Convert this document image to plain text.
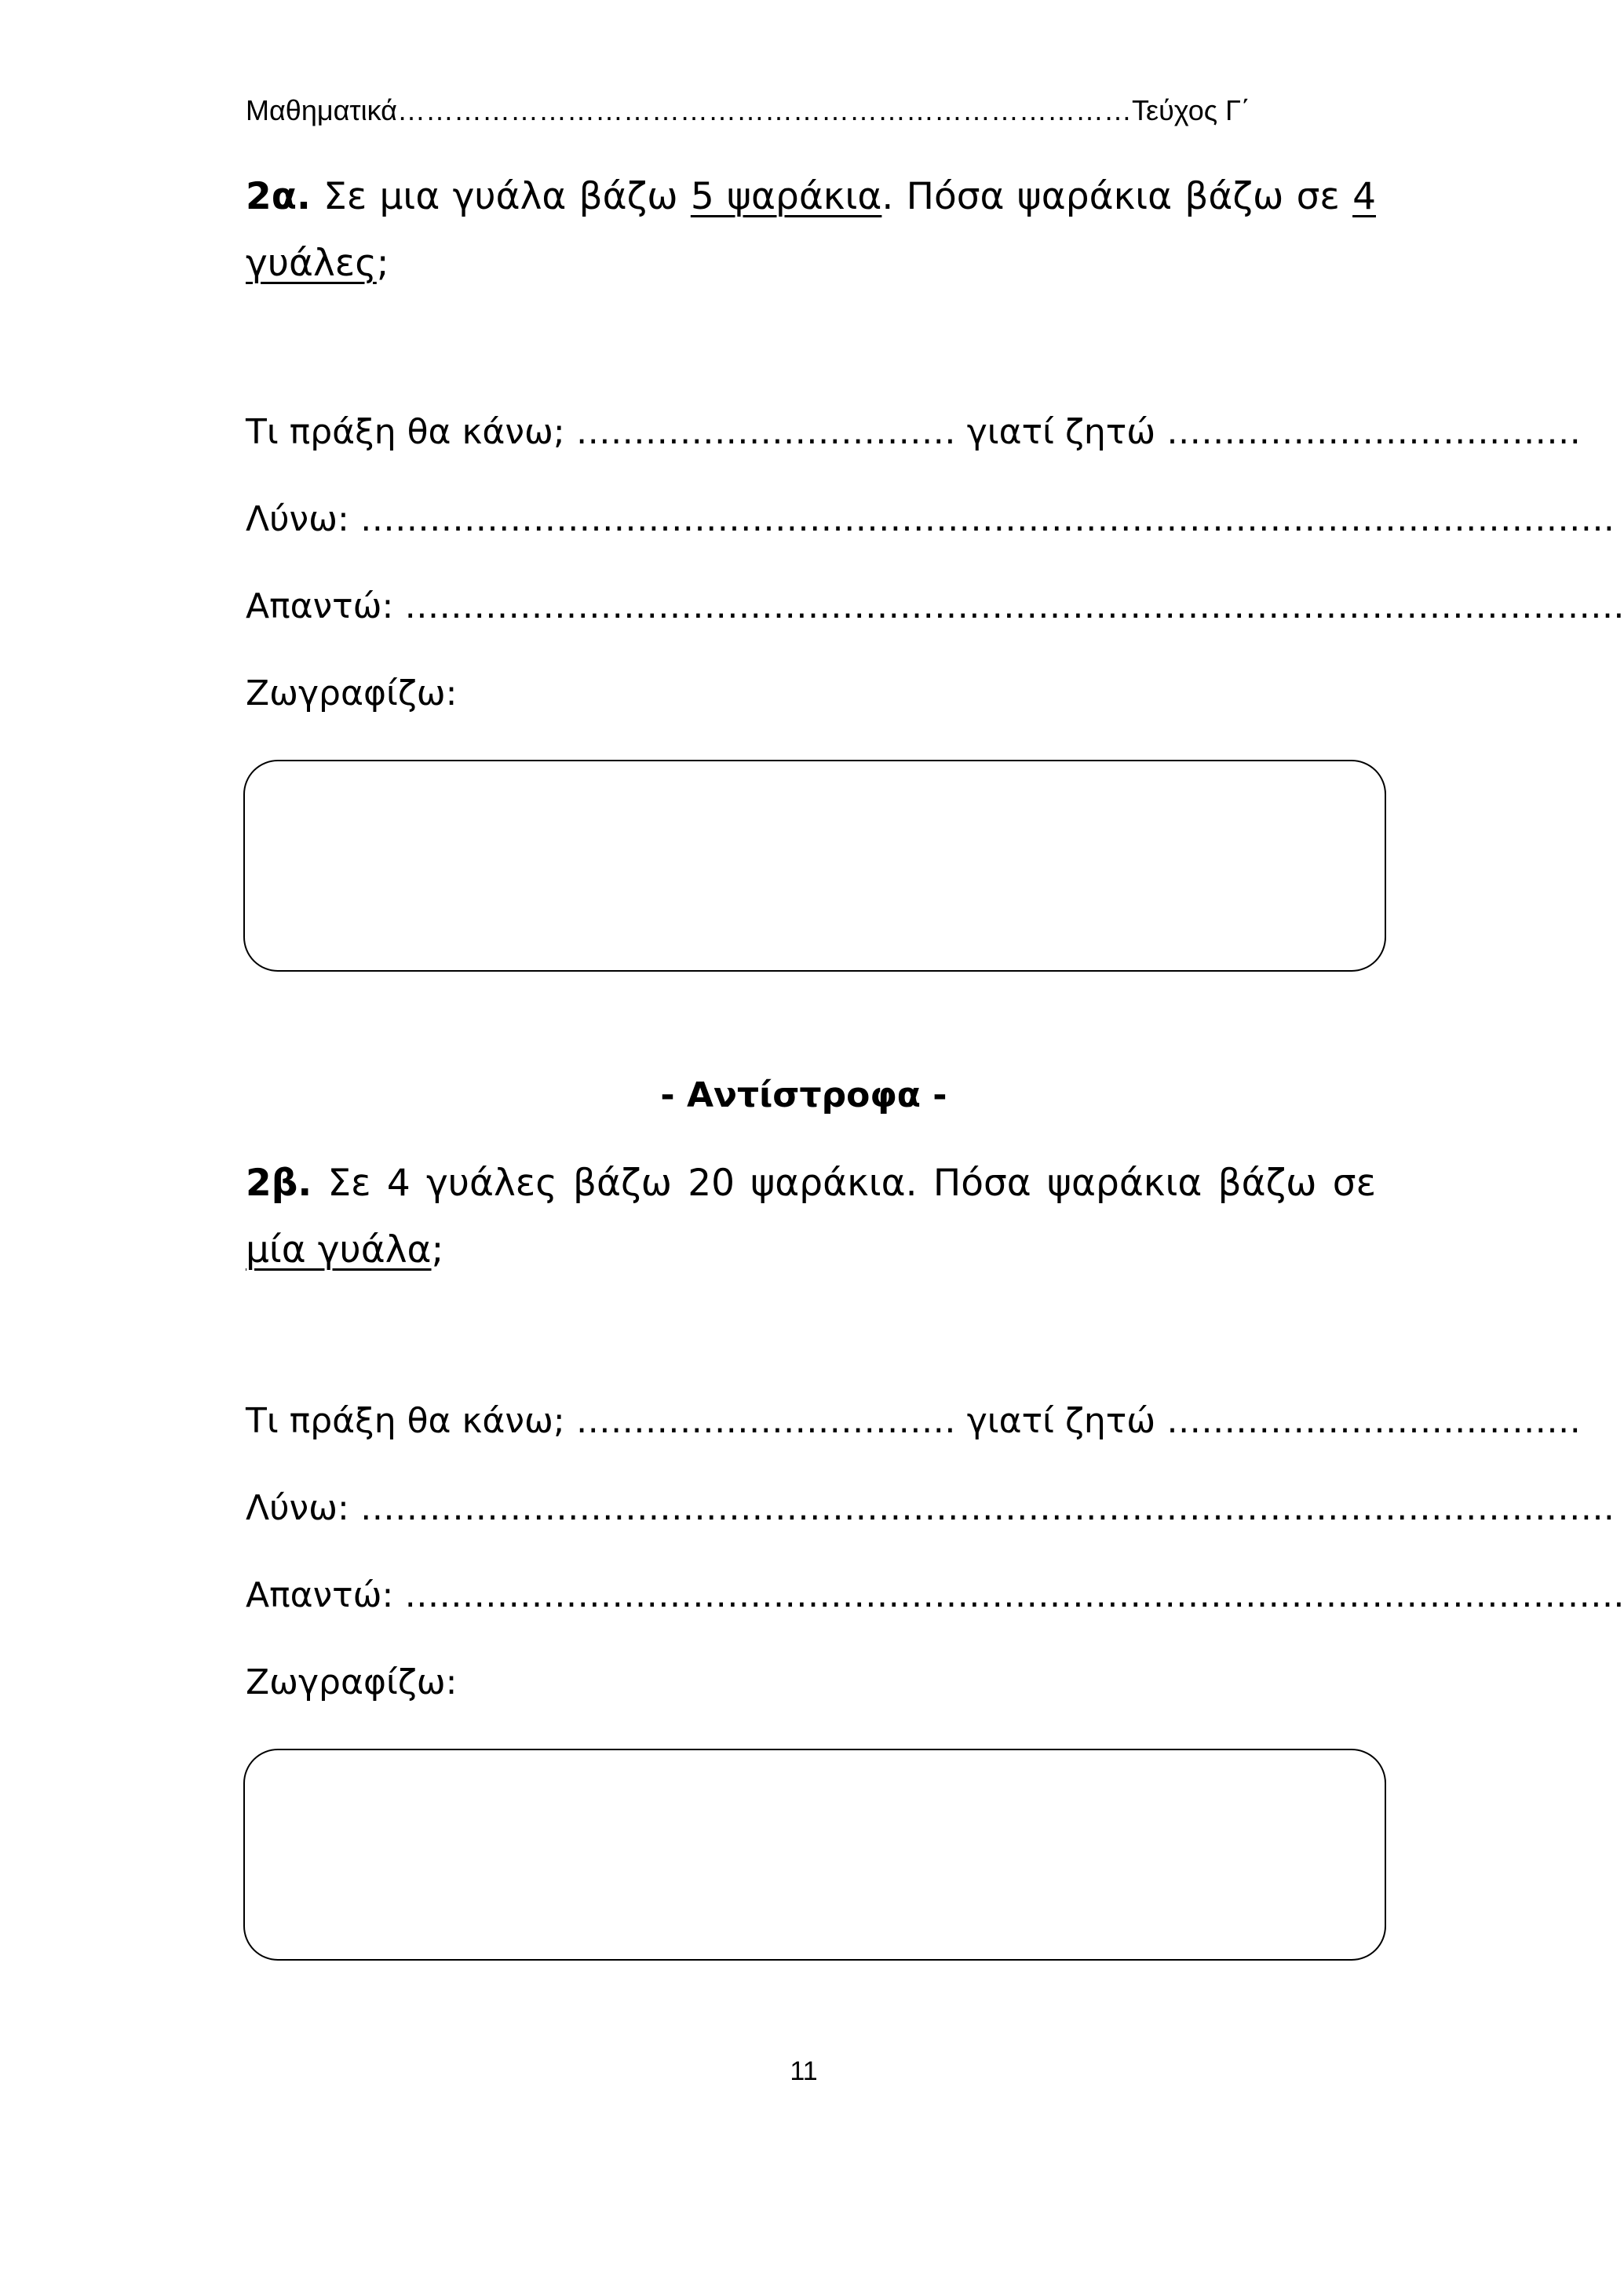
Μαθηματικά……………………………………………………………………Τεύχος Γ΄
2α. Σε μια γυάλα βάζω 5 ψαράκια. Πόσα ψαράκια βάζω σε 4 γυάλες;
Τι πράξη θα κάνω; …………………………… γιατί ζητώ ………………………………
Λύνω: ……………………………………………………………………………………………….
Απαντώ: …………………………………………………………………………………………….
Ζωγραφίζω:
- Αντίστροφα -
2β. Σε 4 γυάλες βάζω 20 ψαράκια. Πόσα ψαράκια βάζω σε μία γυάλα;
Τι πράξη θα κάνω; …………………………… γιατί ζητώ ………………………………
Λύνω: ……………………………………………………………………………………………….
Απαντώ: …………………………………………………………………………………………….
Ζωγραφίζω:
11
